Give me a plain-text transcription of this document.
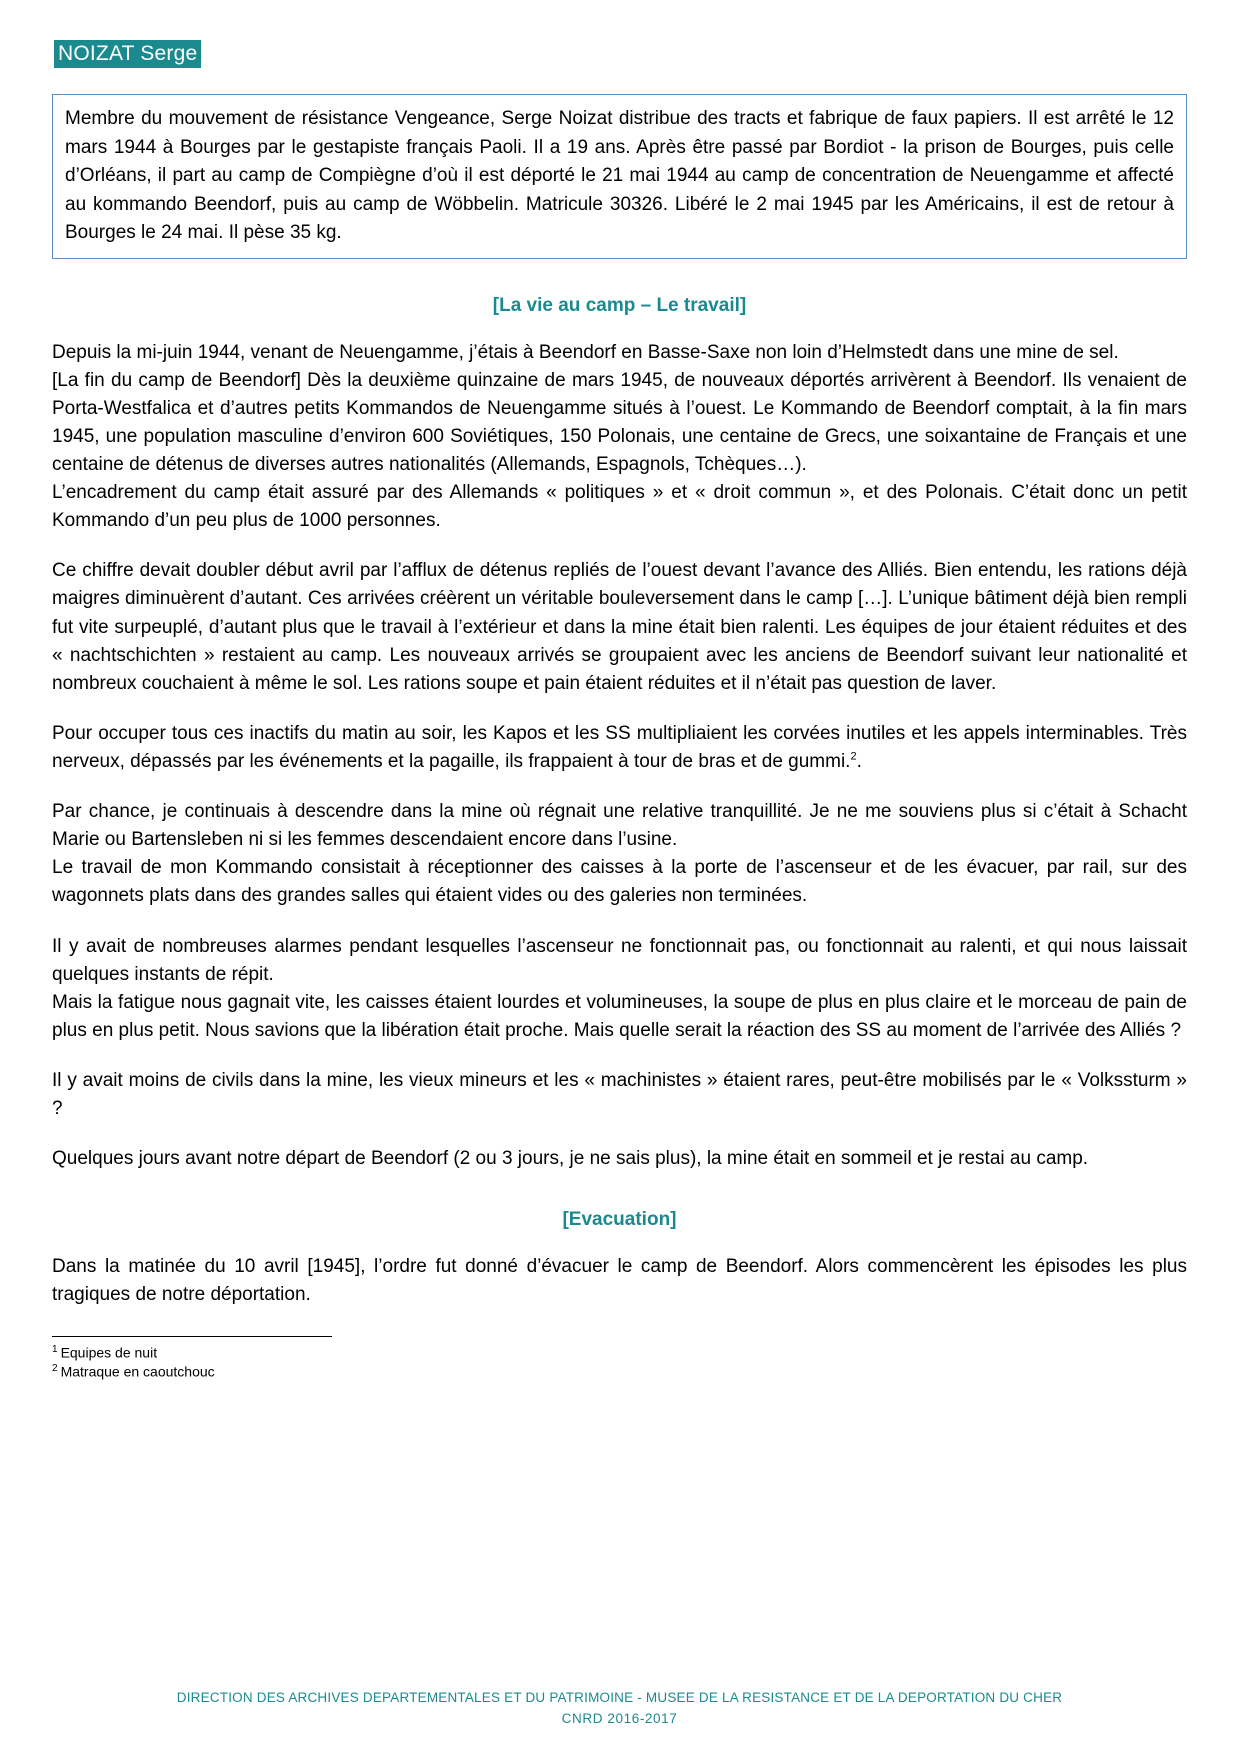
NOIZAT Serge

Membre du mouvement de résistance Vengeance, Serge Noizat distribue des tracts et fabrique de faux papiers. Il est arrêté le 12 mars 1944 à Bourges par le gestapiste français Paoli. Il a 19 ans. Après être passé par Bordiot - la prison de Bourges, puis celle d’Orléans, il part au camp de Compiègne d’où il est déporté le 21 mai 1944 au camp de concentration de Neuengamme et affecté au kommando Beendorf, puis au camp de Wöbbelin. Matricule 30326. Libéré le 2 mai 1945 par les Américains, il est de retour à Bourges le 24 mai. Il pèse 35 kg.

[La vie au camp – Le travail]

Depuis la mi-juin 1944, venant de Neuengamme, j’étais à Beendorf en Basse-Saxe non loin d’Helmstedt dans une mine de sel.

[La fin du camp de Beendorf] Dès la deuxième quinzaine de mars 1945, de nouveaux déportés arrivèrent à Beendorf. Ils venaient de Porta-Westfalica et d’autres petits Kommandos de Neuengamme situés à l’ouest. Le Kommando de Beendorf comptait, à la fin mars 1945, une population masculine d’environ 600 Soviétiques, 150 Polonais, une centaine de Grecs, une soixantaine de Français et une centaine de détenus de diverses autres nationalités (Allemands, Espagnols, Tchèques…).

L’encadrement du camp était assuré par des Allemands « politiques » et « droit commun », et des Polonais. C’était donc un petit Kommando d’un peu plus de 1000 personnes.

Ce chiffre devait doubler début avril par l’afflux de détenus repliés de l’ouest devant l’avance des Alliés. Bien entendu, les rations déjà maigres diminuèrent d’autant. Ces arrivées créèrent un véritable bouleversement dans le camp […]. L’unique bâtiment déjà bien rempli fut vite surpeuplé, d’autant plus que le travail à l’extérieur et dans la mine était bien ralenti. Les équipes de jour étaient réduites et des « nachtschichten » restaient au camp. Les nouveaux arrivés se groupaient avec les anciens de Beendorf suivant leur nationalité et nombreux couchaient à même le sol. Les rations soupe et pain étaient réduites et il n’était pas question de laver.

Pour occuper tous ces inactifs du matin au soir, les Kapos et les SS multipliaient les corvées inutiles et les appels interminables. Très nerveux, dépassés par les événements et la pagaille, ils frappaient à tour de bras et de gummi.$^2$.

Par chance, je continuais à descendre dans la mine où régnait une relative tranquillité. Je ne me souviens plus si c’était à Schacht Marie ou Bartensleben ni si les femmes descendaient encore dans l’usine.

Le travail de mon Kommando consistait à réceptionner des caisses à la porte de l’ascenseur et de les évacuer, par rail, sur des wagonnets plats dans des grandes salles qui étaient vides ou des galeries non terminées.

Il y avait de nombreuses alarmes pendant lesquelles l’ascenseur ne fonctionnait pas, ou fonctionnait au ralenti, et qui nous laissait quelques instants de répit.

Mais la fatigue nous gagnait vite, les caisses étaient lourdes et volumineuses, la soupe de plus en plus claire et le morceau de pain de plus en plus petit. Nous savions que la libération était proche. Mais quelle serait la réaction des SS au moment de l’arrivée des Alliés ?

Il y avait moins de civils dans la mine, les vieux mineurs et les « machinistes » étaient rares, peut-être mobilisés par le « Volkssturm » ?

Quelques jours avant notre départ de Beendorf (2 ou 3 jours, je ne sais plus), la mine était en sommeil et je restai au camp.

[Evacuation]

Dans la matinée du 10 avril [1945], l’ordre fut donné d’évacuer le camp de Beendorf. Alors commencèrent les épisodes les plus tragiques de notre déportation.

$^1$ Equipes de nuit

$^2$ Matraque en caoutchouc

DIRECTION DES ARCHIVES DEPARTEMENTALES ET DU PATRIMOINE - MUSEE DE LA RESISTANCE ET DE LA DEPORTATION DU CHER
CNRD 2016-2017
